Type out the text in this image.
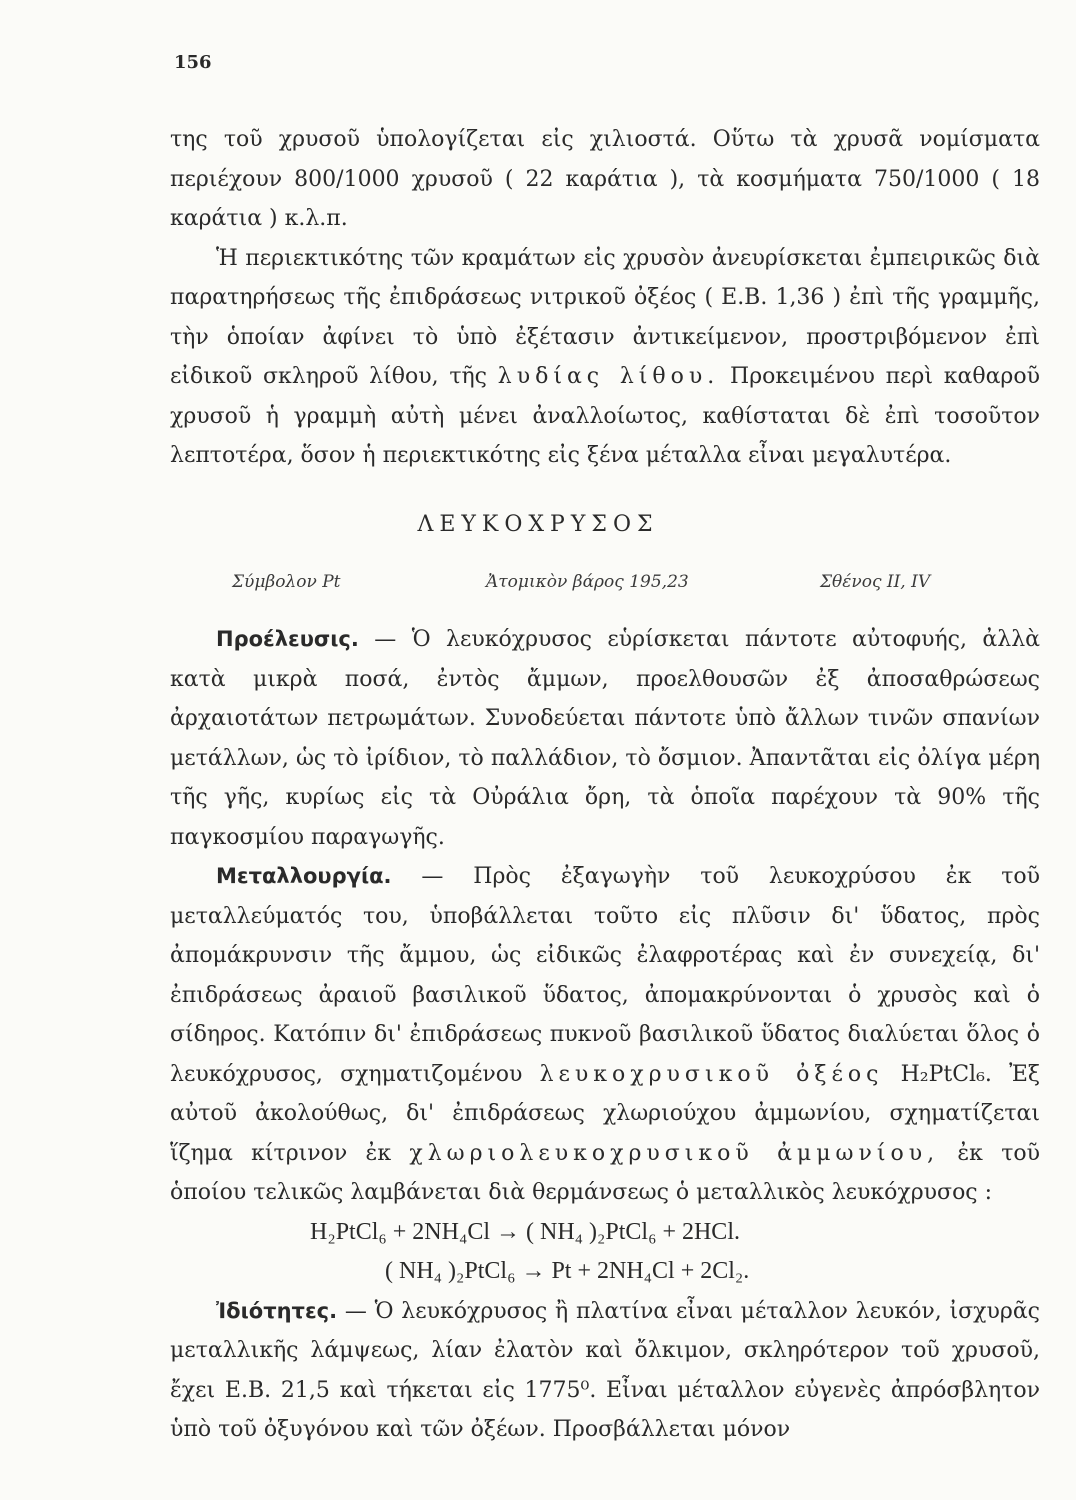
156

της τοῦ χρυσοῦ ὑπολογίζεται εἰς χιλιοστά. Οὕτω τὰ χρυσᾶ νομίσματα περιέχουν 800/1000 χρυσοῦ ( 22 καράτια ), τὰ κοσμήματα 750/1000 ( 18 καράτια ) κ.λ.π.

Ἡ περιεκτικότης τῶν κραμάτων εἰς χρυσὸν ἀνευρίσκεται ἐμπειρικῶς διὰ παρατηρήσεως τῆς ἐπιδράσεως νιτρικοῦ ὀξέος ( Ε.Β. 1,36 ) ἐπὶ τῆς γραμμῆς, τὴν ὁποίαν ἀφίνει τὸ ὑπὸ ἐξέτασιν ἀντικείμενον, προστριβόμενον ἐπὶ εἰδικοῦ σκληροῦ λίθου, τῆς λυδίας λίθου. Προκειμένου περὶ καθαροῦ χρυσοῦ ἡ γραμμὴ αὐτὴ μένει ἀναλλοίωτος, καθίσταται δὲ ἐπὶ τοσοῦτον λεπτοτέρα, ὅσον ἡ περιεκτικότης εἰς ξένα μέταλλα εἶναι μεγαλυτέρα.

ΛΕΥΚΟΧΡΥΣΟΣ
Σύμβολον Pt	Ἀτομικὸν βάρος 195,23	Σθένος II, IV

Προέλευσις. — Ὁ λευκόχρυσος εὑρίσκεται πάντοτε αὐτοφυής, ἀλλὰ κατὰ μικρὰ ποσά, ἐντὸς ἄμμων, προελθουσῶν ἐξ ἀποσαθρώσεως ἀρχαιοτάτων πετρωμάτων. Συνοδεύεται πάντοτε ὑπὸ ἄλλων τινῶν σπανίων μετάλλων, ὡς τὸ ἰρίδιον, τὸ παλλάδιον, τὸ ὄσμιον. Ἀπαντᾶται εἰς ὀλίγα μέρη τῆς γῆς, κυρίως εἰς τὰ Οὐράλια ὄρη, τὰ ὁποῖα παρέχουν τὰ 90% τῆς παγκοσμίου παραγωγῆς.

Μεταλλουργία. — Πρὸς ἐξαγωγὴν τοῦ λευκοχρύσου ἐκ τοῦ μεταλλεύματός του, ὑποβάλλεται τοῦτο εἰς πλῦσιν δι' ὕδατος, πρὸς ἀπομάκρυνσιν τῆς ἄμμου, ὡς εἰδικῶς ἐλαφροτέρας καὶ ἐν συνεχείᾳ, δι' ἐπιδράσεως ἀραιοῦ βασιλικοῦ ὕδατος, ἀπομακρύνονται ὁ χρυσὸς καὶ ὁ σίδηρος. Κατόπιν δι' ἐπιδράσεως πυκνοῦ βασιλικοῦ ὕδατος διαλύεται ὅλος ὁ λευκόχρυσος, σχηματιζομένου λευκοχρυσικοῦ ὀξέος H₂PtCl₆. Ἐξ αὐτοῦ ἀκολούθως, δι' ἐπιδράσεως χλωριούχου ἀμμωνίου, σχηματίζεται ἵζημα κίτρινον ἐκ χλωριολευκοχρυσικοῦ ἀμμωνίου, ἐκ τοῦ ὁποίου τελικῶς λαμβάνεται διὰ θερμάνσεως ὁ μεταλλικὸς λευκόχρυσος :

H₂PtCl₆ + 2NH₄Cl → ( NH₄ )₂PtCl₆ + 2HCl.

( NH₄ )₂PtCl₆ → Pt + 2NH₄Cl + 2Cl₂.

Ἰδιότητες. — Ὁ λευκόχρυσος ἢ πλατίνα εἶναι μέταλλον λευκόν, ἰσχυρᾶς μεταλλικῆς λάμψεως, λίαν ἐλατὸν καὶ ὄλκιμον, σκληρότερον τοῦ χρυσοῦ, ἔχει Ε.Β. 21,5 καὶ τήκεται εἰς 1775⁰. Εἶναι μέταλλον εὐγενὲς ἀπρόσβλητον ὑπὸ τοῦ ὀξυγόνου καὶ τῶν ὀξέων. Προσβάλλεται μόνον
